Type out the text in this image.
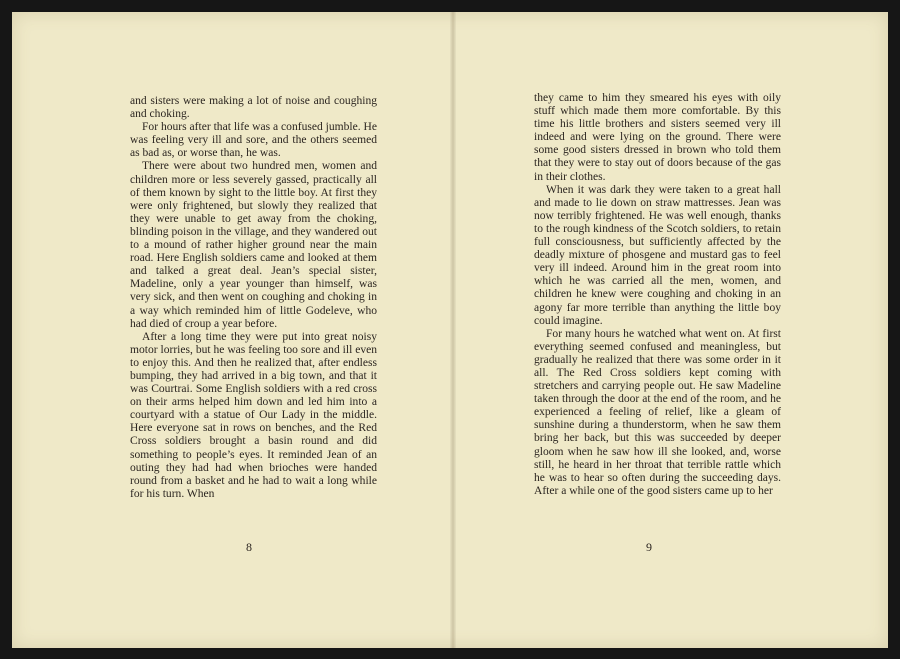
and sisters were making a lot of noise and coughing and choking.

For hours after that life was a confused jumble. He was feeling very ill and sore, and the others seemed as bad as, or worse than, he was.

There were about two hundred men, women and children more or less severely gassed, practically all of them known by sight to the little boy. At first they were only frightened, but slowly they realized that they were unable to get away from the choking, blinding poison in the village, and they wandered out to a mound of rather higher ground near the main road. Here English soldiers came and looked at them and talked a great deal. Jean’s special sister, Madeline, only a year younger than himself, was very sick, and then went on coughing and choking in a way which reminded him of little Godeleve, who had died of croup a year before.

After a long time they were put into great noisy motor lorries, but he was feeling too sore and ill even to enjoy this. And then he realized that, after endless bumping, they had arrived in a big town, and that it was Courtrai. Some English soldiers with a red cross on their arms helped him down and led him into a courtyard with a statue of Our Lady in the middle. Here everyone sat in rows on benches, and the Red Cross soldiers brought a basin round and did something to people’s eyes. It reminded Jean of an outing they had had when brioches were handed round from a basket and he had to wait a long while for his turn. When

8

they came to him they smeared his eyes with oily stuff which made them more comfortable. By this time his little brothers and sisters seemed very ill indeed and were lying on the ground. There were some good sisters dressed in brown who told them that they were to stay out of doors because of the gas in their clothes.

When it was dark they were taken to a great hall and made to lie down on straw mattresses. Jean was now terribly frightened. He was well enough, thanks to the rough kindness of the Scotch soldiers, to retain full consciousness, but sufficiently affected by the deadly mixture of phosgene and mustard gas to feel very ill indeed. Around him in the great room into which he was carried all the men, women, and children he knew were coughing and choking in an agony far more terrible than anything the little boy could imagine.

For many hours he watched what went on. At first everything seemed confused and meaningless, but gradually he realized that there was some order in it all. The Red Cross soldiers kept coming with stretchers and carrying people out. He saw Madeline taken through the door at the end of the room, and he experienced a feeling of relief, like a gleam of sunshine during a thunderstorm, when he saw them bring her back, but this was succeeded by deeper gloom when he saw how ill she looked, and, worse still, he heard in her throat that terrible rattle which he was to hear so often during the succeeding days. After a while one of the good sisters came up to her

9
